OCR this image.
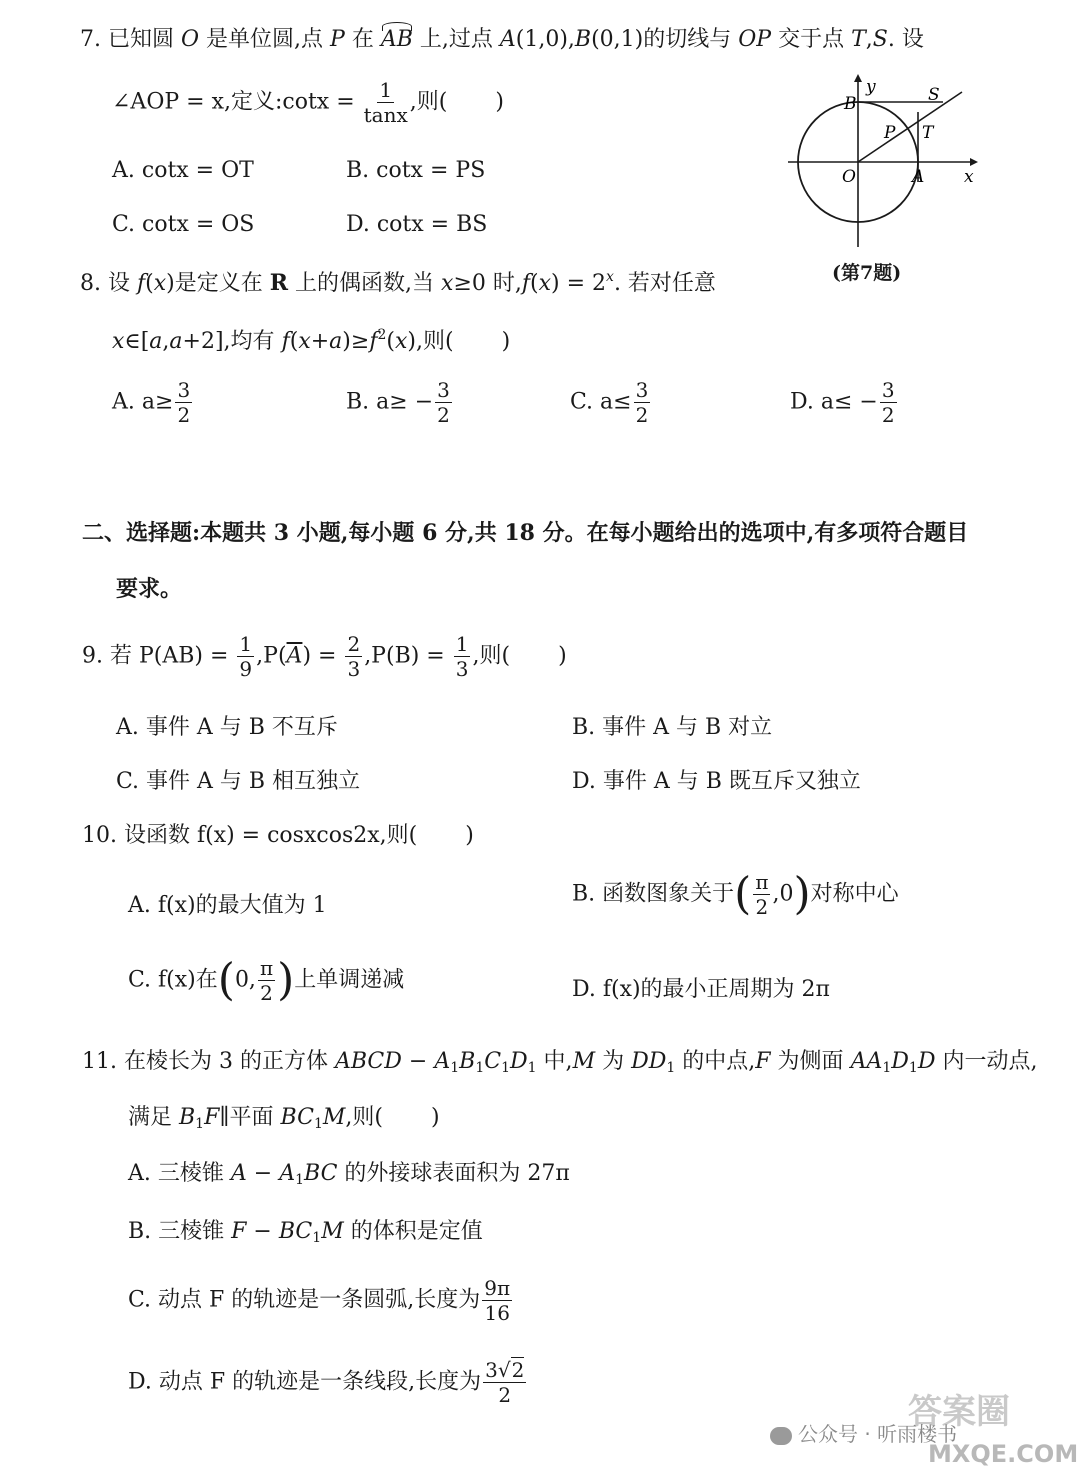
7. 已知圆 O 是单位圆,点 P 在 AB 上,过点 A(1,0),B(0,1)的切线与 OP 交于点 T,S. 设
∠AOP = x,定义:cotx = $\frac{1}{\tan x}$ ,则( )
A. cotx = OT	B. cotx = PS
C. cotx = OS	D. cotx = BS
B
y	S
P T
O	A x
(第7题)
8. 设 f(x)是定义在 R 上的偶函数,当 x≥0 时$,f(x) = 2^x$. 若对任意
x∈[a,a+2],均有 $f(x+a)\ge f^2(x)$,则( )
A. $a\ge \frac{3}{2}$	B. $a\ge - \frac{3}{2}$	C. $a\le \frac{3}{2}$	D. $a\le - \frac{3}{2}$
二、选择题:本题共 3 小题,每小题 6 分,共 18 分。在每小题给出的选项中,有多项符合题目
要求。
9. 若 $P(AB) = \frac{1}{9} ,P(\overline{A}) = \frac{2}{3} ,P(B) = \frac{1}{3}$ ,则( )
A. 事件 A 与 B 不互斥	B. 事件 A 与 B 对立
C. 事件 A 与 B 相互独立	D. 事件 A 与 B 既互斥又独立
10. 设函数 f(x) = cosxcos2x,则( )
A. f(x)的最大值为 1	B. 函数图象关于( $\frac{\pi}{2} ,0$)对称中心
C. f(x)在(0, $\frac{\pi}{2}$ )上单调递减	D. f(x)的最小正周期为 2π
11. 在棱长为 3 的正方体 ABCD − $A_1B_1C_1D_1$ 中,M 为 $DD_1$ 的中点,F 为侧面 $AA_1D_1D$ 内一动点,
满足 $B_1F\parallel$平面 $BC_1M$,则( )
A. 三棱锥 $A - A_1BC$ 的外接球表面积为 27π
B. 三棱锥 $F - BC_1M$ 的体积是定值
C. 动点 F 的轨迹是一条圆弧,长度为 $\frac{9\pi}{16}$
D. 动点 F 的轨迹是一条线段,长度为 $\frac{3√2}{2}$
答案圈
公众号 · 听雨楼书
MXQE.COM
